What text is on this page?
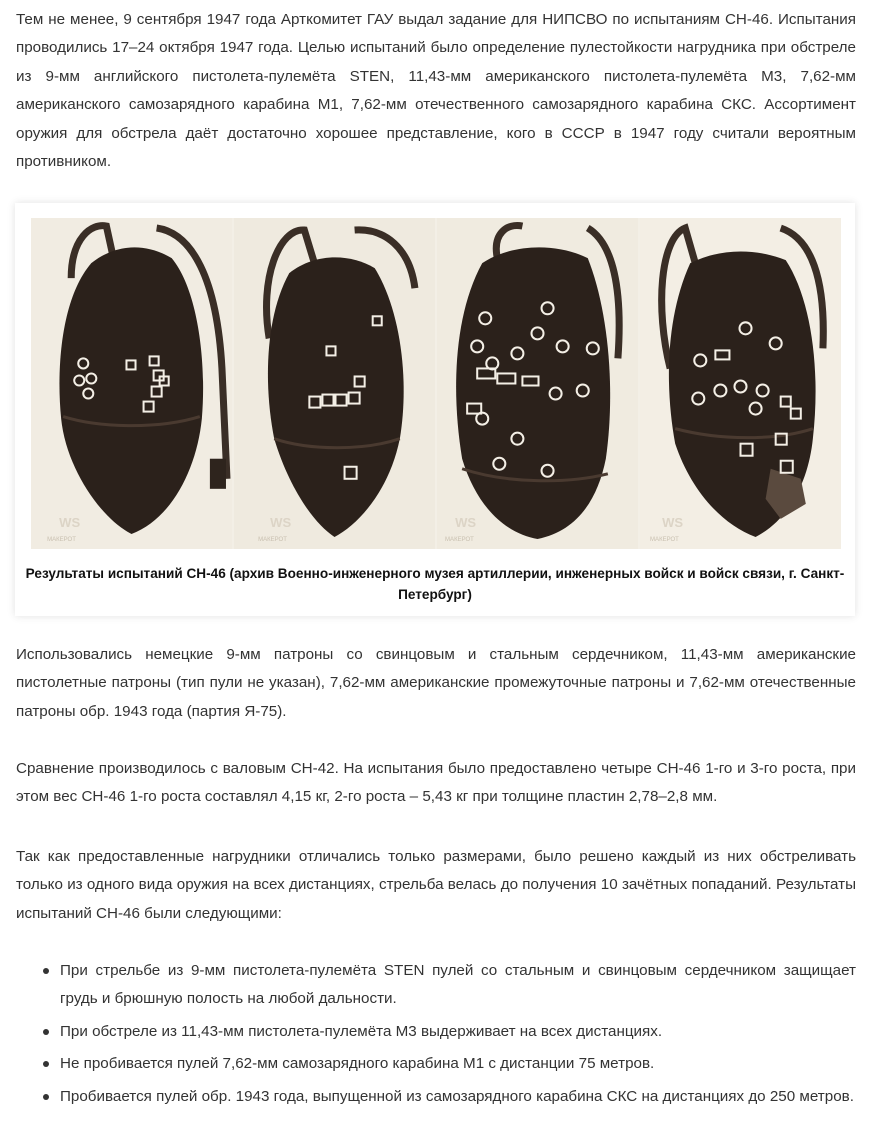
Тем не менее, 9 сентября 1947 года Арткомитет ГАУ выдал задание для НИПСВО по испытаниям СН-46. Испытания проводились 17–24 октября 1947 года. Целью испытаний было определение пулестойкости нагрудника при обстреле из 9-мм английского пистолета-пулемёта STEN, 11,43-мм американского пистолета-пулемёта М3, 7,62-мм американского самозарядного карабина М1, 7,62-мм отечественного самозарядного карабина СКС. Ассортимент оружия для обстрела даёт достаточно хорошее представление, кого в СССР в 1947 году считали вероятным противником.

WS
МАКЕРОТ
WS
МАКЕРОТ
WS
МАКЕРОТ
WS
МАКЕРОТ
Результаты испытаний СН-46 (архив Военно-инженерного музея артиллерии, инженерных войск и войск связи, г. Санкт-Петербург)

Использовались немецкие 9-мм патроны со свинцовым и стальным сердечником, 11,43-мм американские пистолетные патроны (тип пули не указан), 7,62-мм американские промежуточные патроны и 7,62-мм отечественные патроны обр. 1943 года (партия Я-75).

Сравнение производилось с валовым СН-42. На испытания было предоставлено четыре СН-46 1-го и 3-го роста, при этом вес СН-46 1-го роста составлял 4,15 кг, 2-го роста – 5,43 кг при толщине пластин 2,78–2,8 мм.

Так как предоставленные нагрудники отличались только размерами, было решено каждый из них обстреливать только из одного вида оружия на всех дистанциях, стрельба велась до получения 10 зачётных попаданий. Результаты испытаний СН-46 были следующими:

При стрельбе из 9-мм пистолета-пулемёта STEN пулей со стальным и свинцовым сердечником защищает грудь и брюшную полость на любой дальности.
При обстреле из 11,43-мм пистолета-пулемёта М3 выдерживает на всех дистанциях.
Не пробивается пулей 7,62-мм самозарядного карабина М1 с дистанции 75 метров.
Пробивается пулей обр. 1943 года, выпущенной из самозарядного карабина СКС на дистанциях до 250 метров.
